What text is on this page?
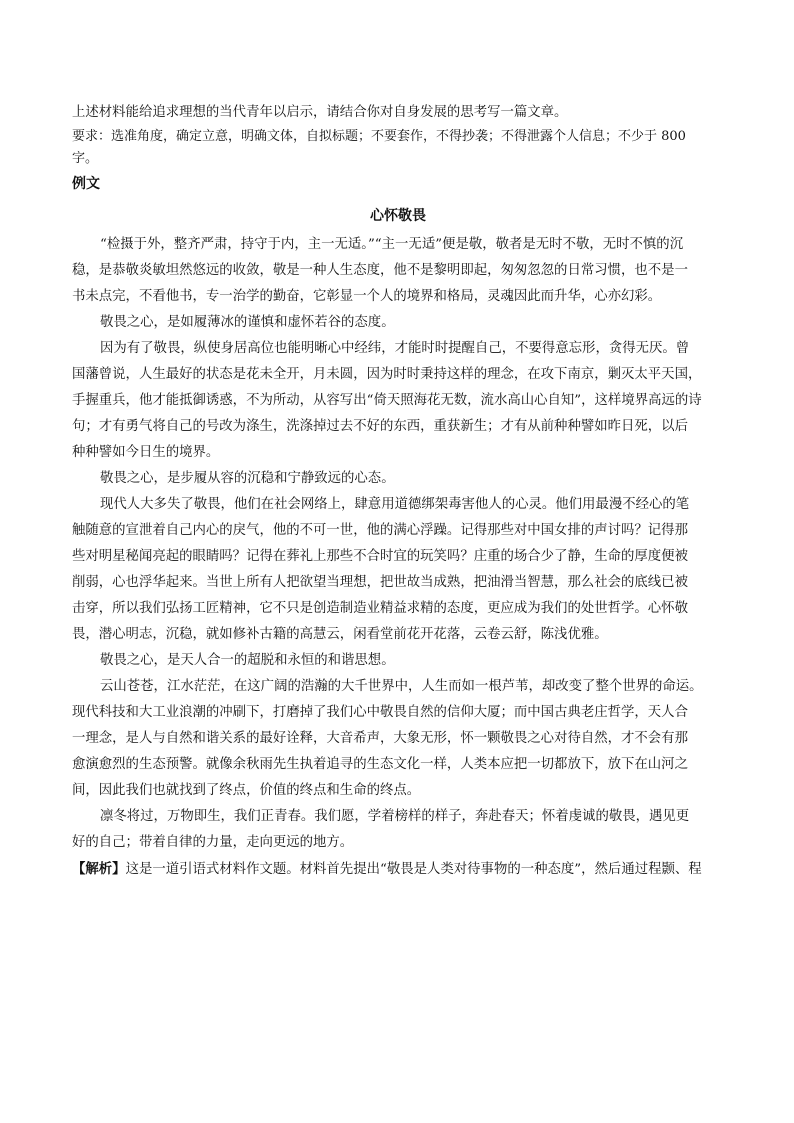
上述材料能给追求理想的当代青年以启示，请结合你对自身发展的思考写一篇文章。

要求：选准角度，确定立意，明确文体，自拟标题；不要套作，不得抄袭；不得泄露个人信息；不少于 800

字。

例文

心怀敬畏

“检摄于外，整齐严肃，持守于内，主一无适。”“主一无适”便是敬，敬者是无时不敬，无时不慎的沉

稳，是恭敬炎敏坦然悠远的收敛，敬是一种人生态度，他不是黎明即起，匆匆忽忽的日常习惯，也不是一

书未点完，不看他书，专一治学的勤奋，它彰显一个人的境界和格局，灵魂因此而升华，心亦幻彩。

敬畏之心，是如履薄冰的谨慎和虚怀若谷的态度。

因为有了敬畏，纵使身居高位也能明晰心中经纬，才能时时提醒自己，不要得意忘形，贪得无厌。曾

国藩曾说，人生最好的状态是花未全开，月未圆，因为时时秉持这样的理念，在攻下南京，剿灭太平天国，

手握重兵，他才能抵御诱惑，不为所动，从容写出“倚天照海花无数，流水高山心自知”，这样境界高远的诗

句；才有勇气将自己的号改为涤生，洗涤掉过去不好的东西，重获新生；才有从前种种譬如昨日死，以后

种种譬如今日生的境界。

敬畏之心，是步履从容的沉稳和宁静致远的心态。

现代人大多失了敬畏，他们在社会网络上，肆意用道德绑架毒害他人的心灵。他们用最漫不经心的笔

触随意的宣泄着自己内心的戾气，他的不可一世，他的满心浮躁。记得那些对中国女排的声讨吗？记得那

些对明星秘闻亮起的眼睛吗？记得在葬礼上那些不合时宜的玩笑吗？庄重的场合少了静，生命的厚度便被

削弱，心也浮华起来。当世上所有人把欲望当理想，把世故当成熟，把油滑当智慧，那么社会的底线已被

击穿，所以我们弘扬工匠精神，它不只是创造制造业精益求精的态度，更应成为我们的处世哲学。心怀敬

畏，潜心明志，沉稳，就如修补古籍的高慧云，闲看堂前花开花落，云卷云舒，陈浅优雅。

敬畏之心，是天人合一的超脱和永恒的和谐思想。

云山苍苍，江水茫茫，在这广阔的浩瀚的大千世界中，人生而如一根芦苇，却改变了整个世界的命运。

现代科技和大工业浪潮的冲刷下，打磨掉了我们心中敬畏自然的信仰大厦；而中国古典老庄哲学，天人合

一理念，是人与自然和谐关系的最好诠释，大音希声，大象无形，怀一颗敬畏之心对待自然，才不会有那

愈演愈烈的生态预警。就像余秋雨先生执着追寻的生态文化一样，人类本应把一切都放下，放下在山河之

间，因此我们也就找到了终点，价值的终点和生命的终点。

凛冬将过，万物即生，我们正青春。我们愿，学着榜样的样子，奔赴春天；怀着虔诚的敬畏，遇见更

好的自己；带着自律的力量，走向更远的地方。

【解析】这是一道引语式材料作文题。材料首先提出“敬畏是人类对待事物的一种态度”，然后通过程颢、程
